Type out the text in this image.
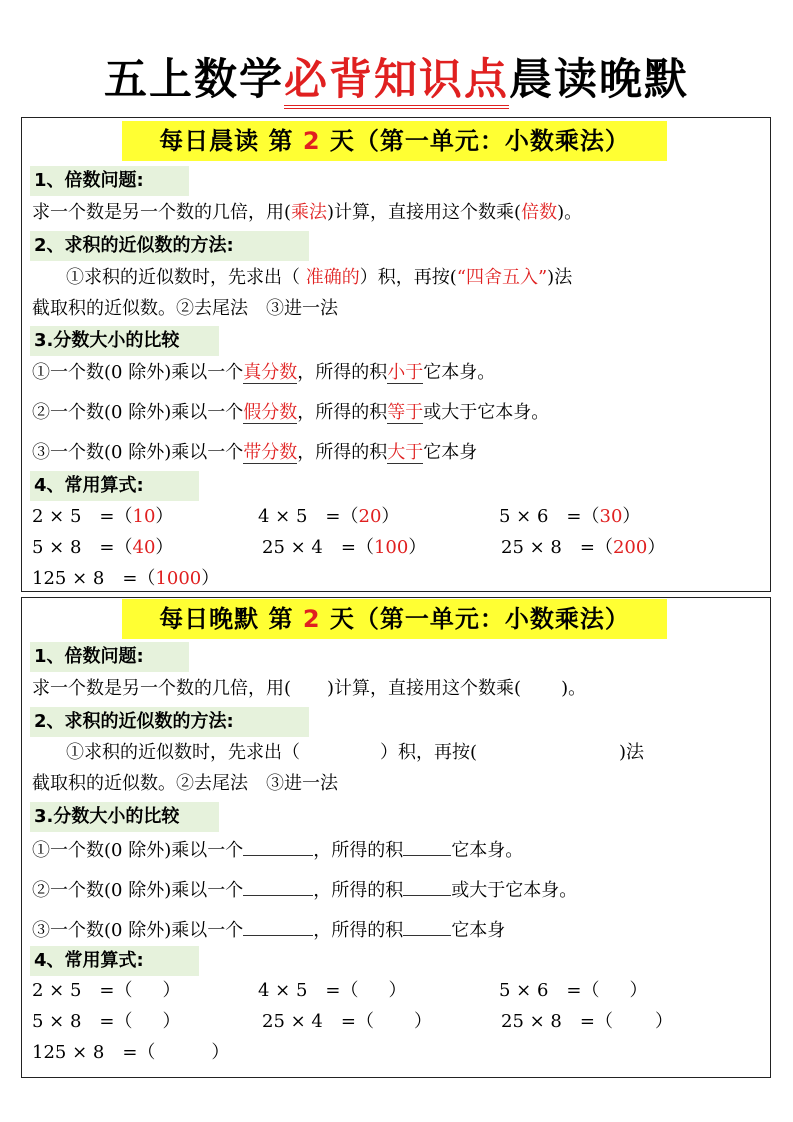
五上数学必背知识点晨读晚默
每日晨读 第 2 天（第一单元：小数乘法）
1、倍数问题:
求一个数是另一个数的几倍，用(乘法)计算，直接用这个数乘(倍数)。
2、求积的近似数的方法:
①求积的近似数时，先求出（ 准确的）积，再按(“四舍五入”)法
截取积的近似数。②去尾法　③进一法
3.分数大小的比较
①一个数(0 除外)乘以一个真分数，所得的积小于它本身。
②一个数(0 除外)乘以一个假分数，所得的积等于或大于它本身。
③一个数(0 除外)乘以一个带分数，所得的积大于它本身
4、常用算式:
2 × 5　=（10）	4 × 5　=（20）	5 × 6　=（30）
5 × 8　=（40）	25 × 4　=（100）	25 × 8　=（200）
125 × 8　=（1000）
每日晚默 第 2 天（第一单元：小数乘法）
1、倍数问题:
求一个数是另一个数的几倍，用( )计算，直接用这个数乘( )。
2、求积的近似数的方法:
①求积的近似数时，先求出（	）积，再按(	)法
截取积的近似数。②去尾法　③进一法
3.分数大小的比较
①一个数(0 除外)乘以一个	，所得的积	它本身。
②一个数(0 除外)乘以一个	，所得的积	或大于它本身。
③一个数(0 除外)乘以一个	，所得的积	它本身
4、常用算式:
2 × 5　=（ ）	4 × 5　=（ ）	5 × 6　=（ ）
5 × 8　=（ ）	25 × 4　=（ ）	25 × 8　=（ ）
125 × 8　=（	）
